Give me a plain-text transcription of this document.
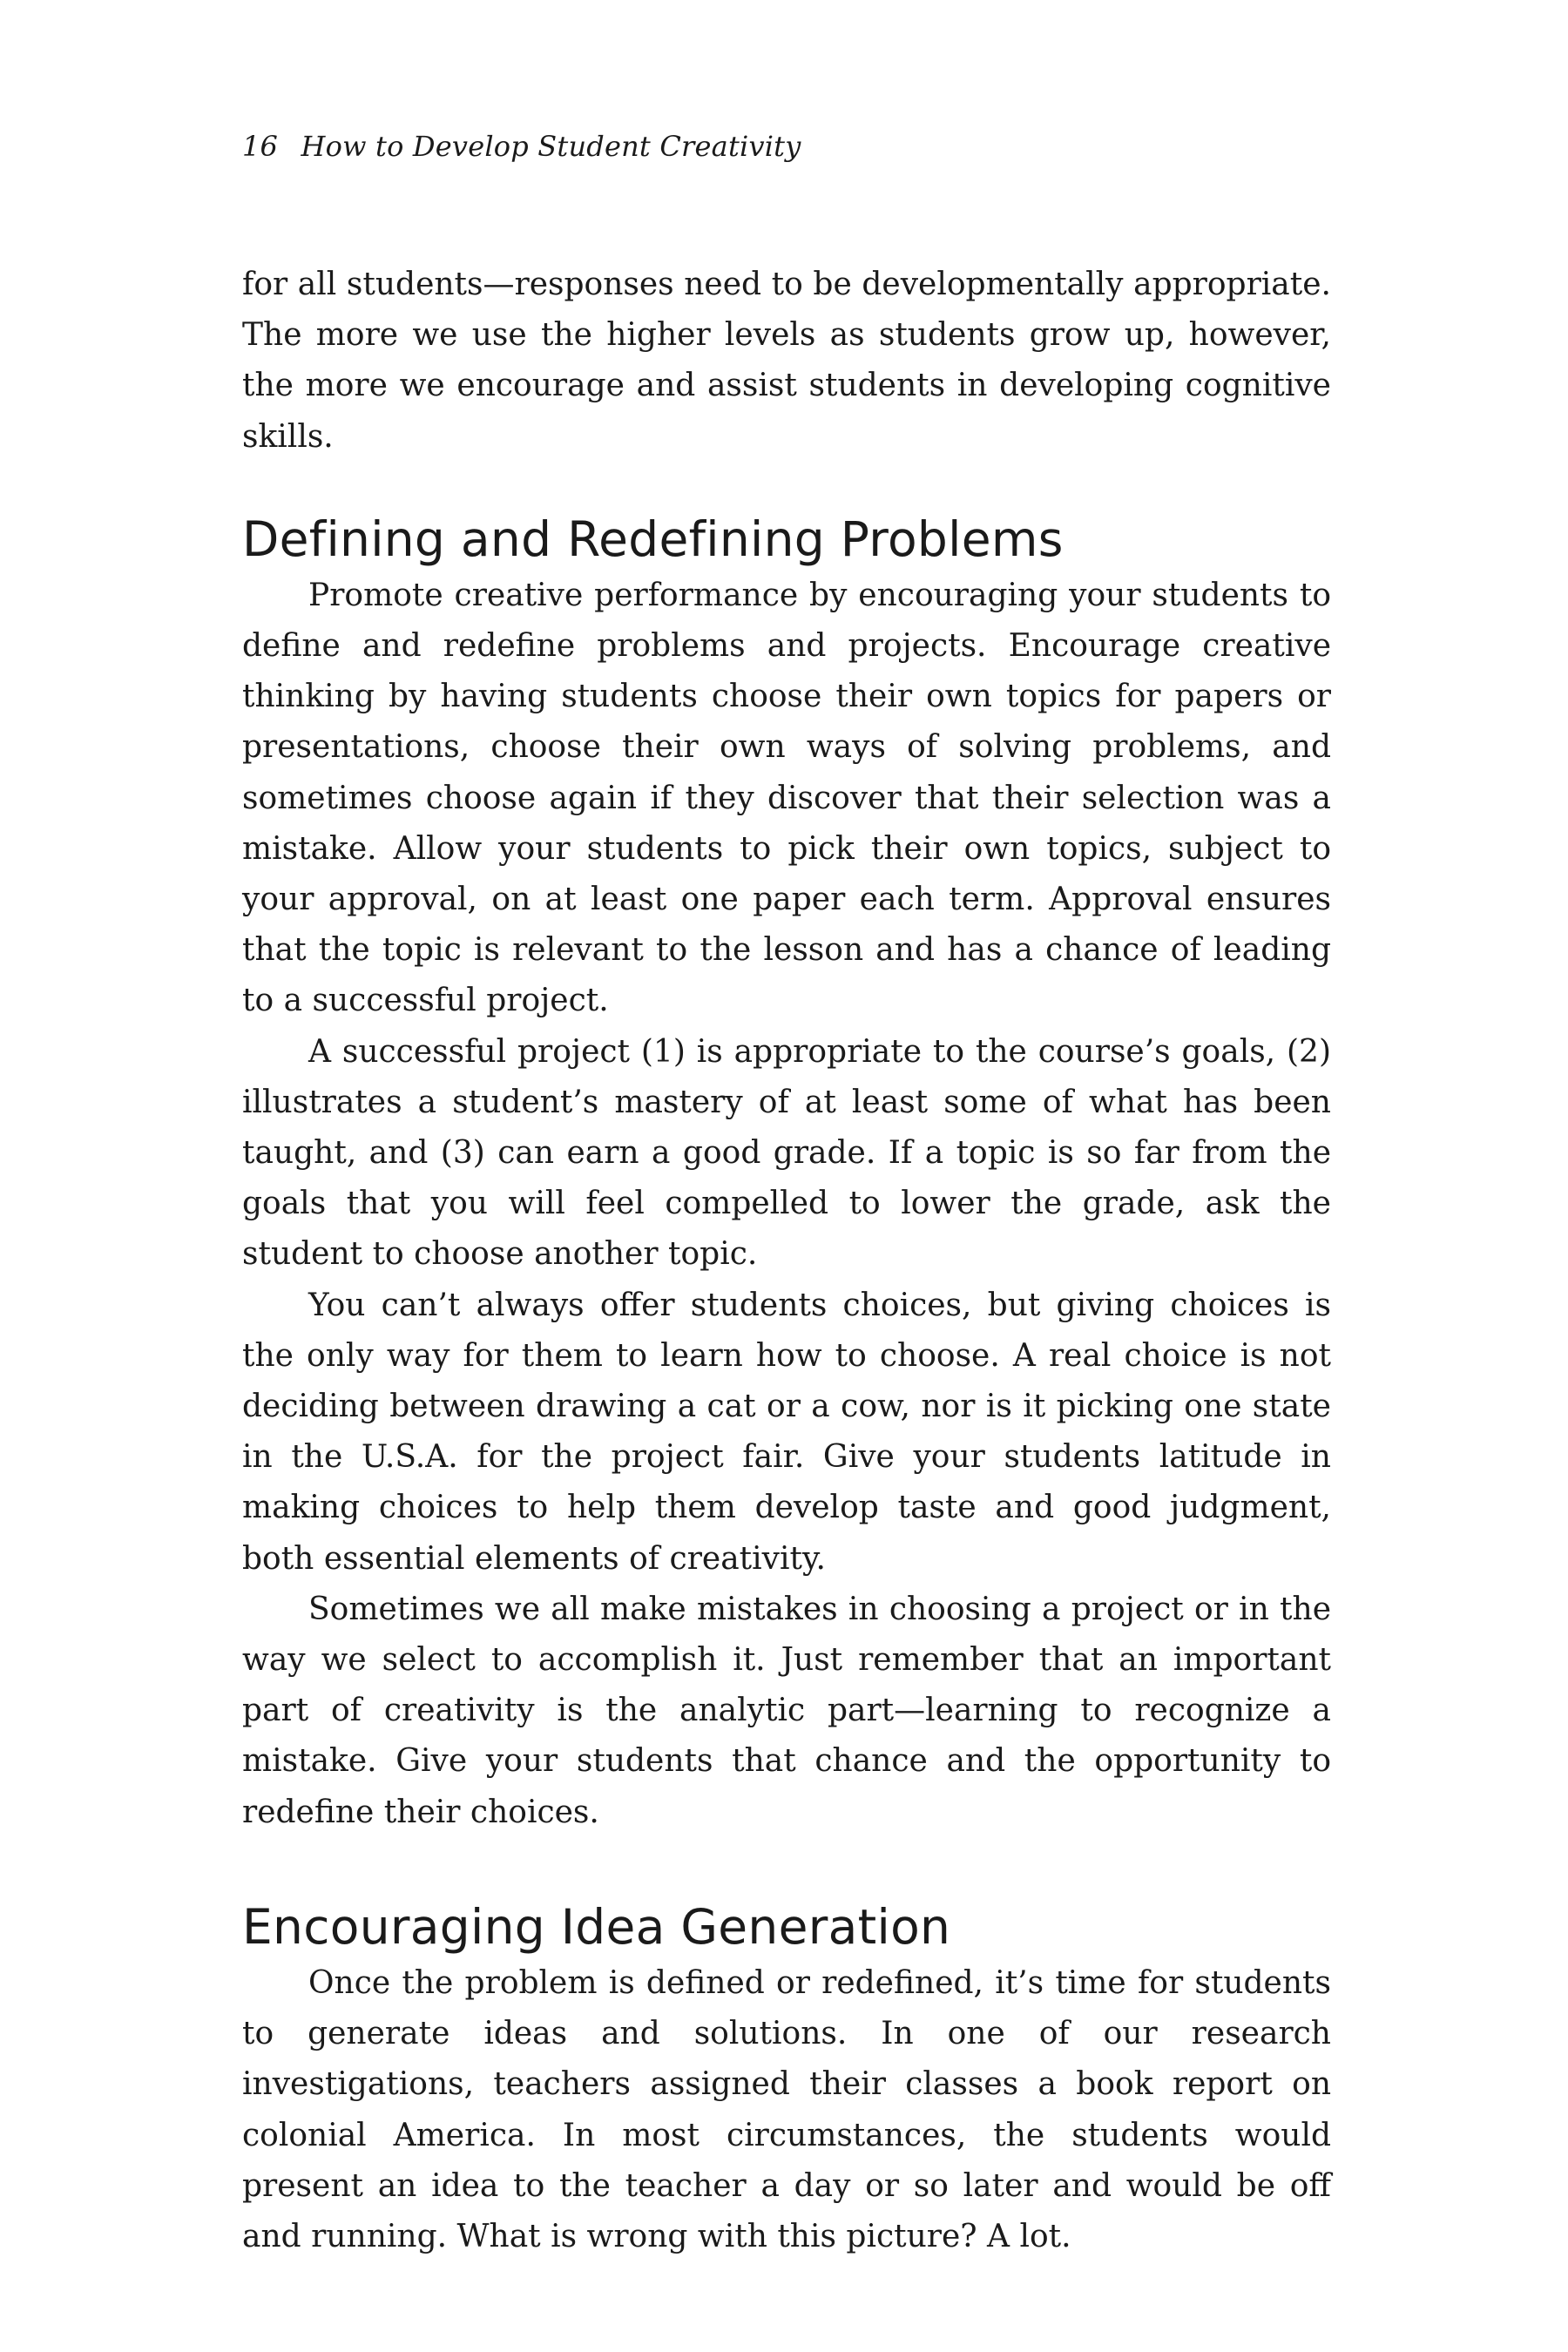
16 How to Develop Student Creativity

for all students—responses need to be developmentally appropriate. The more we use the higher levels as students grow up, however, the more we encourage and assist students in developing cognitive skills.

Defining and Redefining Problems

Promote creative performance by encouraging your students to define and redefine problems and projects. Encourage creative thinking by having students choose their own topics for papers or presentations, choose their own ways of solving problems, and sometimes choose again if they discover that their selection was a mistake. Allow your students to pick their own topics, subject to your approval, on at least one paper each term. Approval ensures that the topic is relevant to the lesson and has a chance of leading to a successful project.

A successful project (1) is appropriate to the course’s goals, (2) illustrates a student’s mastery of at least some of what has been taught, and (3) can earn a good grade. If a topic is so far from the goals that you will feel compelled to lower the grade, ask the student to choose another topic.

You can’t always offer students choices, but giving choices is the only way for them to learn how to choose. A real choice is not deciding between drawing a cat or a cow, nor is it picking one state in the U.S.A. for the project fair. Give your students latitude in making choices to help them develop taste and good judgment, both essential elements of creativity.

Sometimes we all make mistakes in choosing a project or in the way we select to accomplish it. Just remember that an important part of creativity is the analytic part—learning to recognize a mistake. Give your students that chance and the opportunity to redefine their choices.

Encouraging Idea Generation

Once the problem is defined or redefined, it’s time for students to generate ideas and solutions. In one of our research investigations, teachers assigned their classes a book report on colonial America. In most circumstances, the students would present an idea to the teacher a day or so later and would be off and running. What is wrong with this picture? A lot.
